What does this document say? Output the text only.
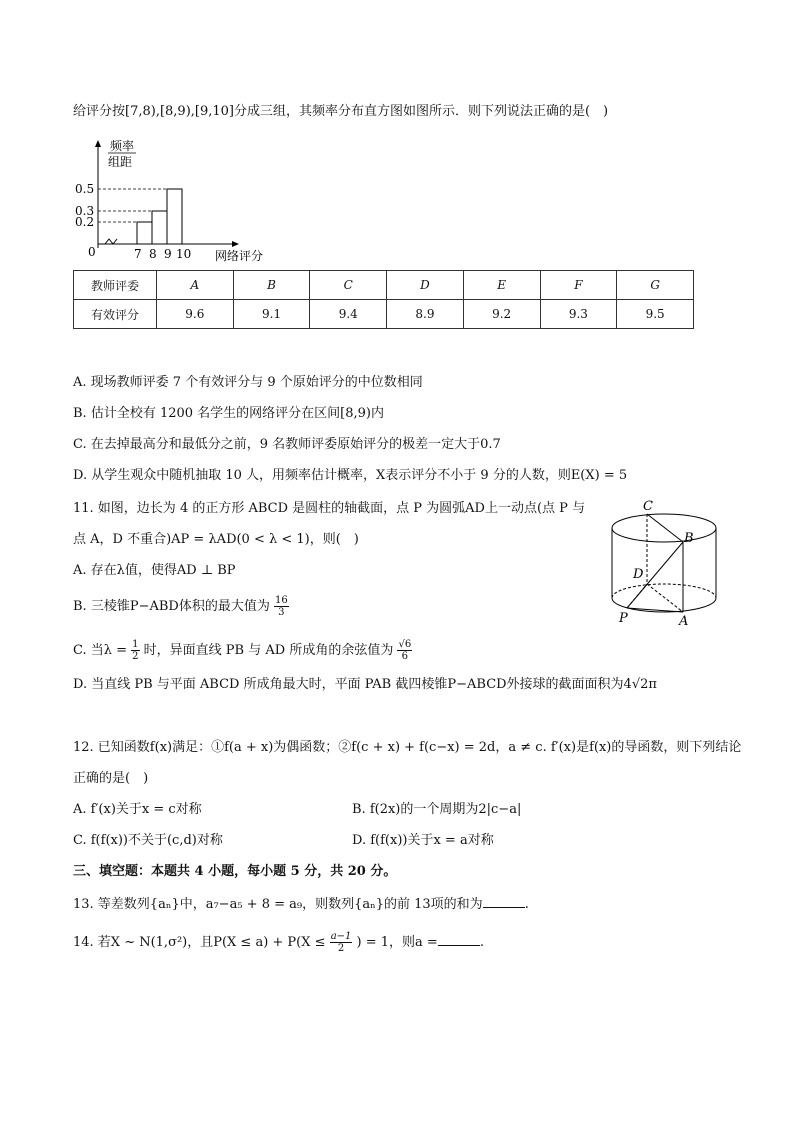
给评分按[7,8),[8,9),[9,10]分成三组，其频率分布直方图如图所示．则下列说法正确的是(　)
频率
组距
0	网络评分
0.2
0.3
0.5
7 8 9 10
教师评委	A	B	C	D	E	F	G
有效评分	9.6	9.1	9.4	8.9	9.2	9.3	9.5
A. 现场教师评委 7 个有效评分与 9 个原始评分的中位数相同
B. 估计全校有 1200 名学生的网络评分在区间[8,9)内
C. 在去掉最高分和最低分之前，9 名教师评委原始评分的极差一定大于0.7
D. 从学生观众中随机抽取 10 人，用频率估计概率，X表示评分不小于 9 分的人数，则E(X) = 5
11. 如图，边长为 4 的正方形 ABCD 是圆柱的轴截面，点 P 为圆弧AD上一动点(点 P 与
点 A，D 不重合)AP = λAD(0 < λ < 1)，则(　)
C
B
D
P	A
A. 存在λ值，使得AD ⊥ BP
B. 三棱锥P−ABD体积的最大值为 $\frac{16}{3}$
C. 当$\lambda = \frac{1}{2}$ 时，异面直线 PB 与 AD 所成角的余弦值为 $\frac{√6}{6}$
D. 当直线 PB 与平面 ABCD 所成角最大时，平面 PAB 截四棱锥P−ABCD外接球的截面面积为4√2π
12. 已知函数f(x)满足：①f(a + x)为偶函数；②f(c + x) + f(c−x) = 2d，a ≠ c. f′(x)是f(x)的导函数，则下列结论
正确的是(　)
A. f′(x)关于x = c对称	B. f(2x)的一个周期为2|c−a|
C. f(f(x))不关于(c,d)对称	D. f(f(x))关于x = a对称
三、填空题：本题共 4 小题，每小题 5 分，共 20 分。
13. 等差数列{aₙ}中，a₇−a₅ + 8 = a₉，则数列{aₙ}的前 13项的和为	.
14. 若X ~ N(1,σ²)，且$P(X \le a) + P(X \le \frac{a-1}{2}$ ) = 1，则a =	.
